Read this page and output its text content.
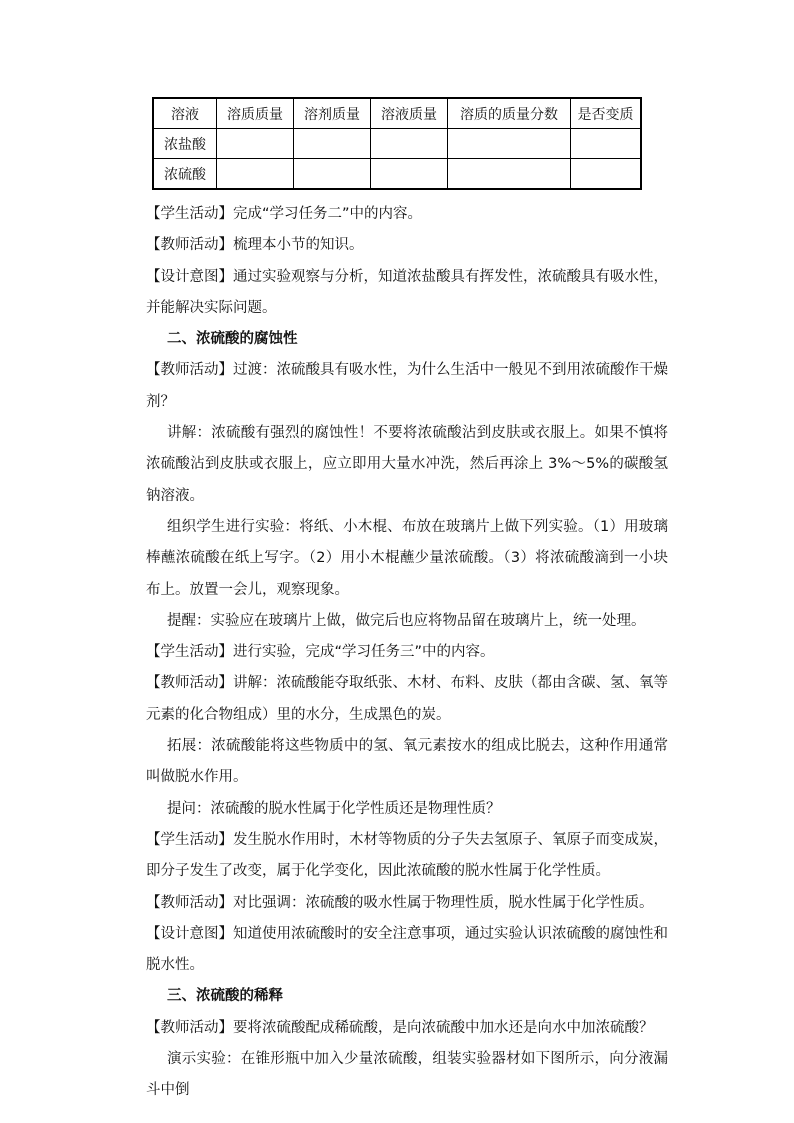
溶液	溶质质量	溶剂质量	溶液质量	溶质的质量分数	是否变质
浓盐酸					
浓硫酸					

【学生活动】完成“学习任务二”中的内容。

【教师活动】梳理本小节的知识。

【设计意图】通过实验观察与分析，知道浓盐酸具有挥发性，浓硫酸具有吸水性，并能解决实际问题。

二、浓硫酸的腐蚀性

【教师活动】过渡：浓硫酸具有吸水性，为什么生活中一般见不到用浓硫酸作干燥剂？

讲解：浓硫酸有强烈的腐蚀性！不要将浓硫酸沾到皮肤或衣服上。如果不慎将浓硫酸沾到皮肤或衣服上，应立即用大量水冲洗，然后再涂上 3%～5%的碳酸氢钠溶液。

组织学生进行实验：将纸、小木棍、布放在玻璃片上做下列实验。（1）用玻璃棒蘸浓硫酸在纸上写字。（2）用小木棍蘸少量浓硫酸。（3）将浓硫酸滴到一小块布上。放置一会儿，观察现象。

提醒：实验应在玻璃片上做，做完后也应将物品留在玻璃片上，统一处理。

【学生活动】进行实验，完成“学习任务三”中的内容。

【教师活动】讲解：浓硫酸能夺取纸张、木材、布料、皮肤（都由含碳、氢、氧等元素的化合物组成）里的水分，生成黑色的炭。

拓展：浓硫酸能将这些物质中的氢、氧元素按水的组成比脱去，这种作用通常叫做脱水作用。

提问：浓硫酸的脱水性属于化学性质还是物理性质？

【学生活动】发生脱水作用时，木材等物质的分子失去氢原子、氧原子而变成炭，即分子发生了改变，属于化学变化，因此浓硫酸的脱水性属于化学性质。

【教师活动】对比强调：浓硫酸的吸水性属于物理性质，脱水性属于化学性质。

【设计意图】知道使用浓硫酸时的安全注意事项，通过实验认识浓硫酸的腐蚀性和脱水性。

三、浓硫酸的稀释

【教师活动】要将浓硫酸配成稀硫酸，是向浓硫酸中加水还是向水中加浓硫酸？

演示实验：在锥形瓶中加入少量浓硫酸，组装实验器材如下图所示，向分液漏斗中倒
